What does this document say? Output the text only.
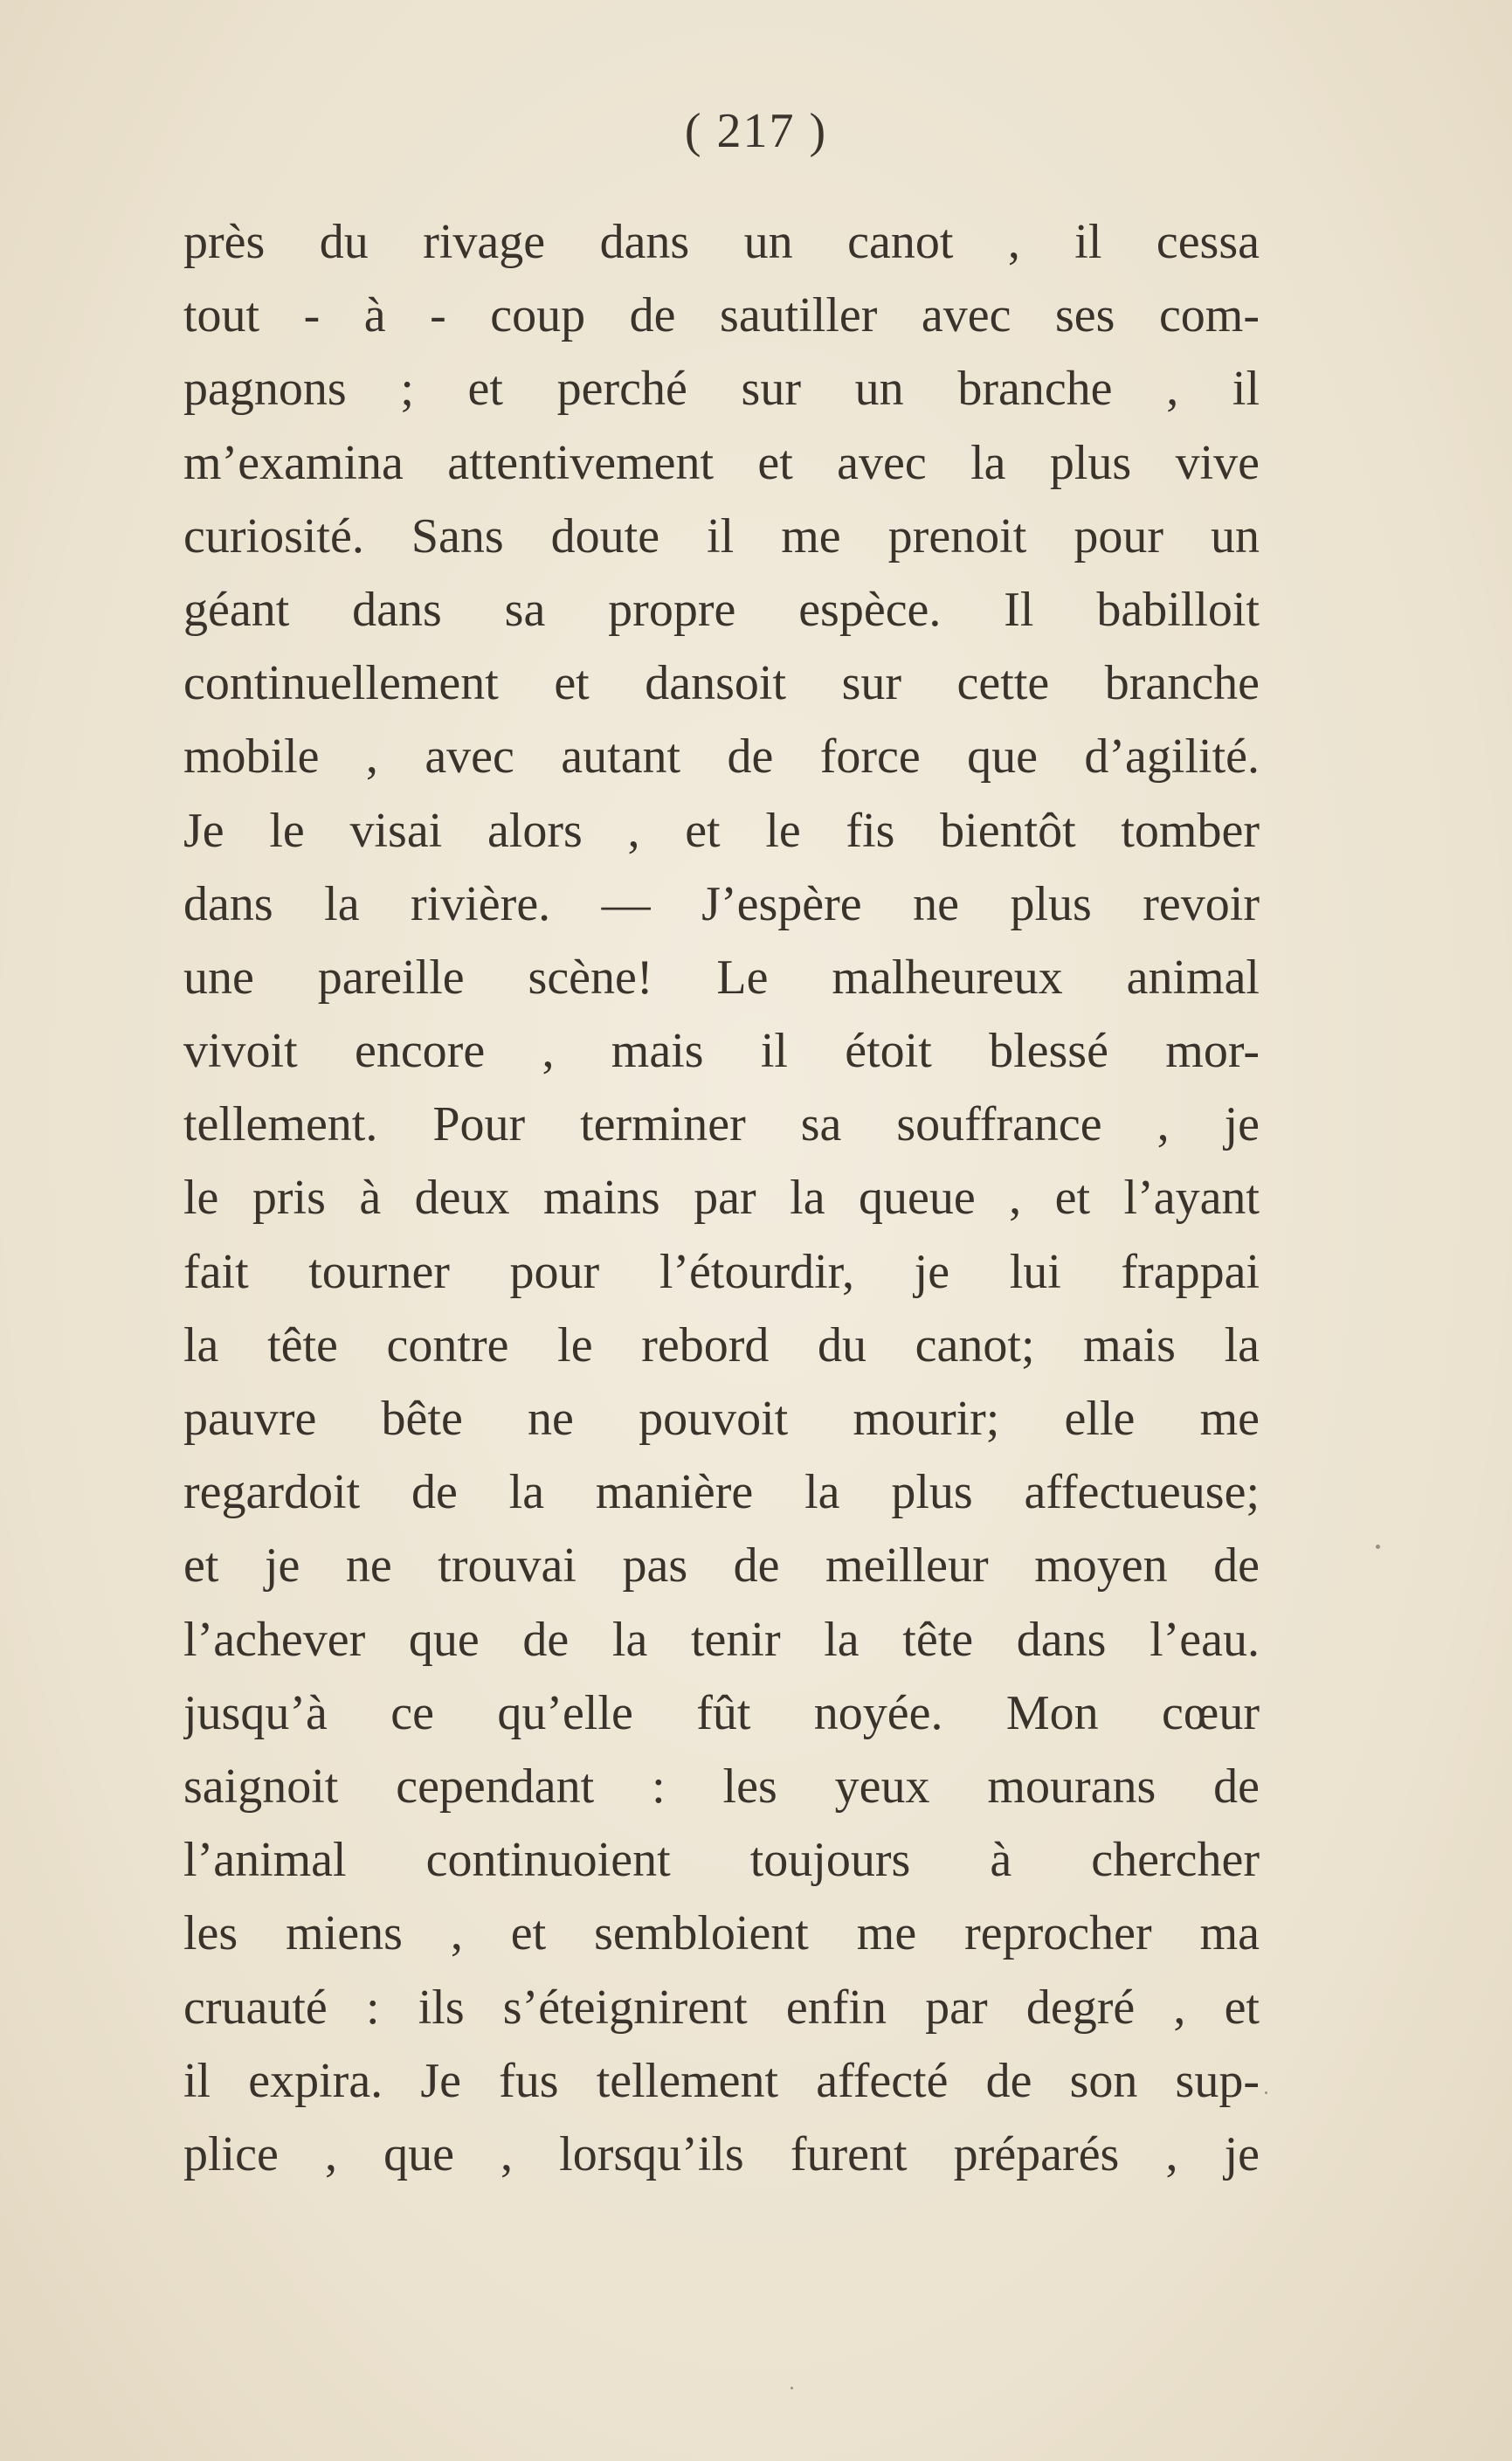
( 217 )
près du rivage dans un canot , il cessa
tout - à - coup de sautiller avec ses com-
pagnons ; et perché sur un branche , il
m’examina attentivement et avec la plus vive
curiosité. Sans doute il me prenoit pour un
géant dans sa propre espèce. Il babilloit
continuellement et dansoit sur cette branche
mobile , avec autant de force que d’agilité.
Je le visai alors , et le fis bientôt tomber
dans la rivière. — J’espère ne plus revoir
une pareille scène! Le malheureux animal
vivoit encore , mais il étoit blessé mor-
tellement. Pour terminer sa souffrance , je
le pris à deux mains par la queue , et l’ayant
fait tourner pour l’étourdir, je lui frappai
la tête contre le rebord du canot; mais la
pauvre bête ne pouvoit mourir; elle me
regardoit de la manière la plus affectueuse;
et je ne trouvai pas de meilleur moyen de
l’achever que de la tenir la tête dans l’eau.
jusqu’à ce qu’elle fût noyée. Mon cœur
saignoit cependant : les yeux mourans de
l’animal continuoient toujours à chercher
les miens , et sembloient me reprocher ma
cruauté : ils s’éteignirent enfin par degré , et
il expira. Je fus tellement affecté de son sup-
plice , que , lorsqu’ils furent préparés , je
